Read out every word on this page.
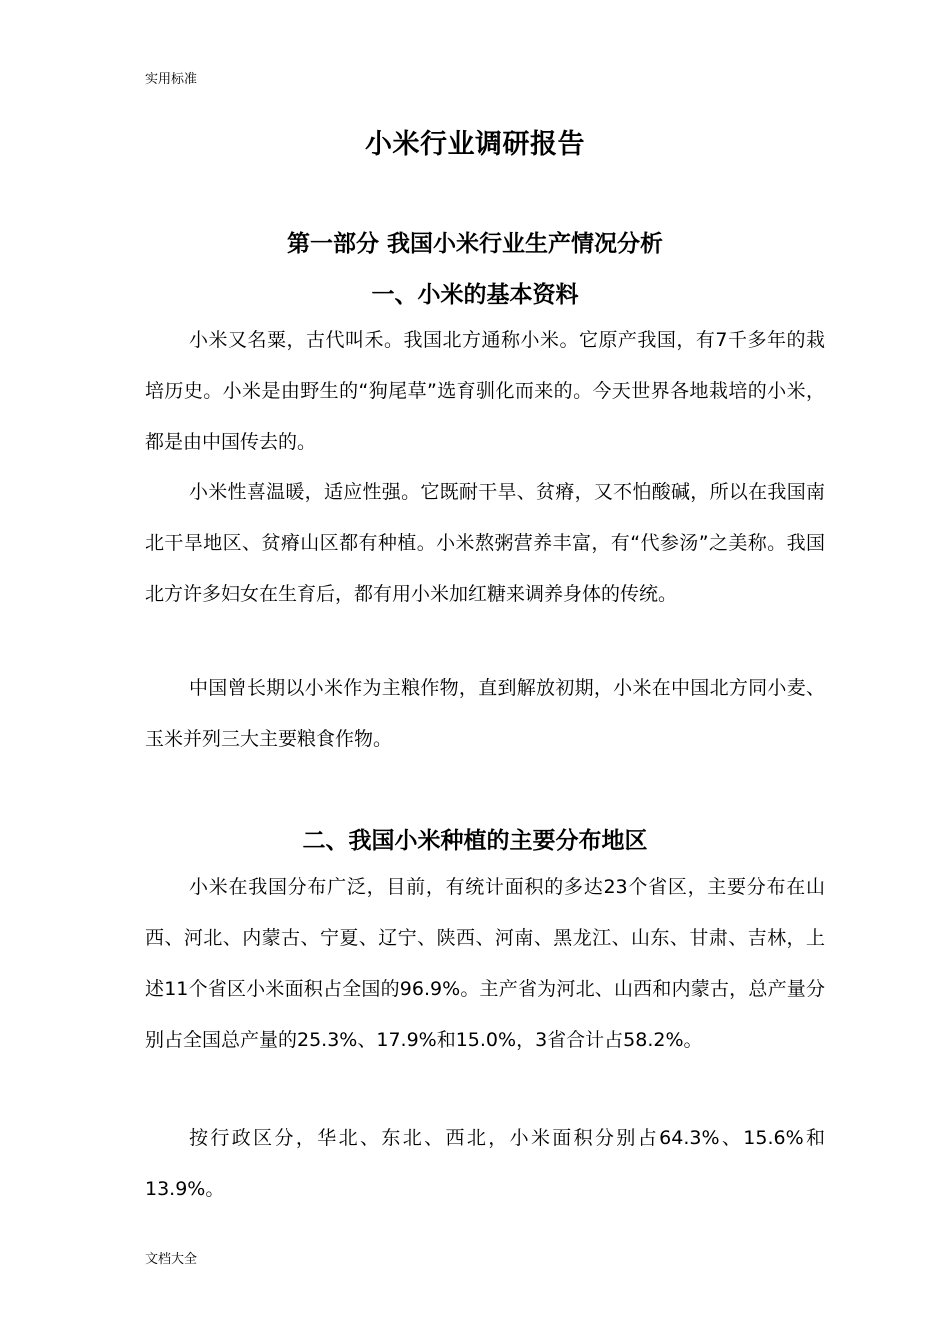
实用标准
小米行业调研报告
第一部分 我国小米行业生产情况分析
一、小米的基本资料

小米又名粟，古代叫禾。我国北方通称小米。它原产我国，有7千多年的栽培历史。小米是由野生的“狗尾草”选育驯化而来的。今天世界各地栽培的小米，都是由中国传去的。

小米性喜温暖，适应性强。它既耐干旱、贫瘠，又不怕酸碱，所以在我国南北干旱地区、贫瘠山区都有种植。小米熬粥营养丰富，有“代参汤”之美称。我国北方许多妇女在生育后，都有用小米加红糖来调养身体的传统。

中国曾长期以小米作为主粮作物，直到解放初期，小米在中国北方同小麦、玉米并列三大主要粮食作物。

二、我国小米种植的主要分布地区

小米在我国分布广泛，目前，有统计面积的多达23个省区，主要分布在山西、河北、内蒙古、宁夏、辽宁、陕西、河南、黑龙江、山东、甘肃、吉林，上述11个省区小米面积占全国的96.9%。主产省为河北、山西和内蒙古，总产量分别占全国总产量的25.3%、17.9%和15.0%，3省合计占58.2%。

按行政区分，华北、东北、西北，小米面积分别占64.3%、15.6%和13.9%。

文档大全
